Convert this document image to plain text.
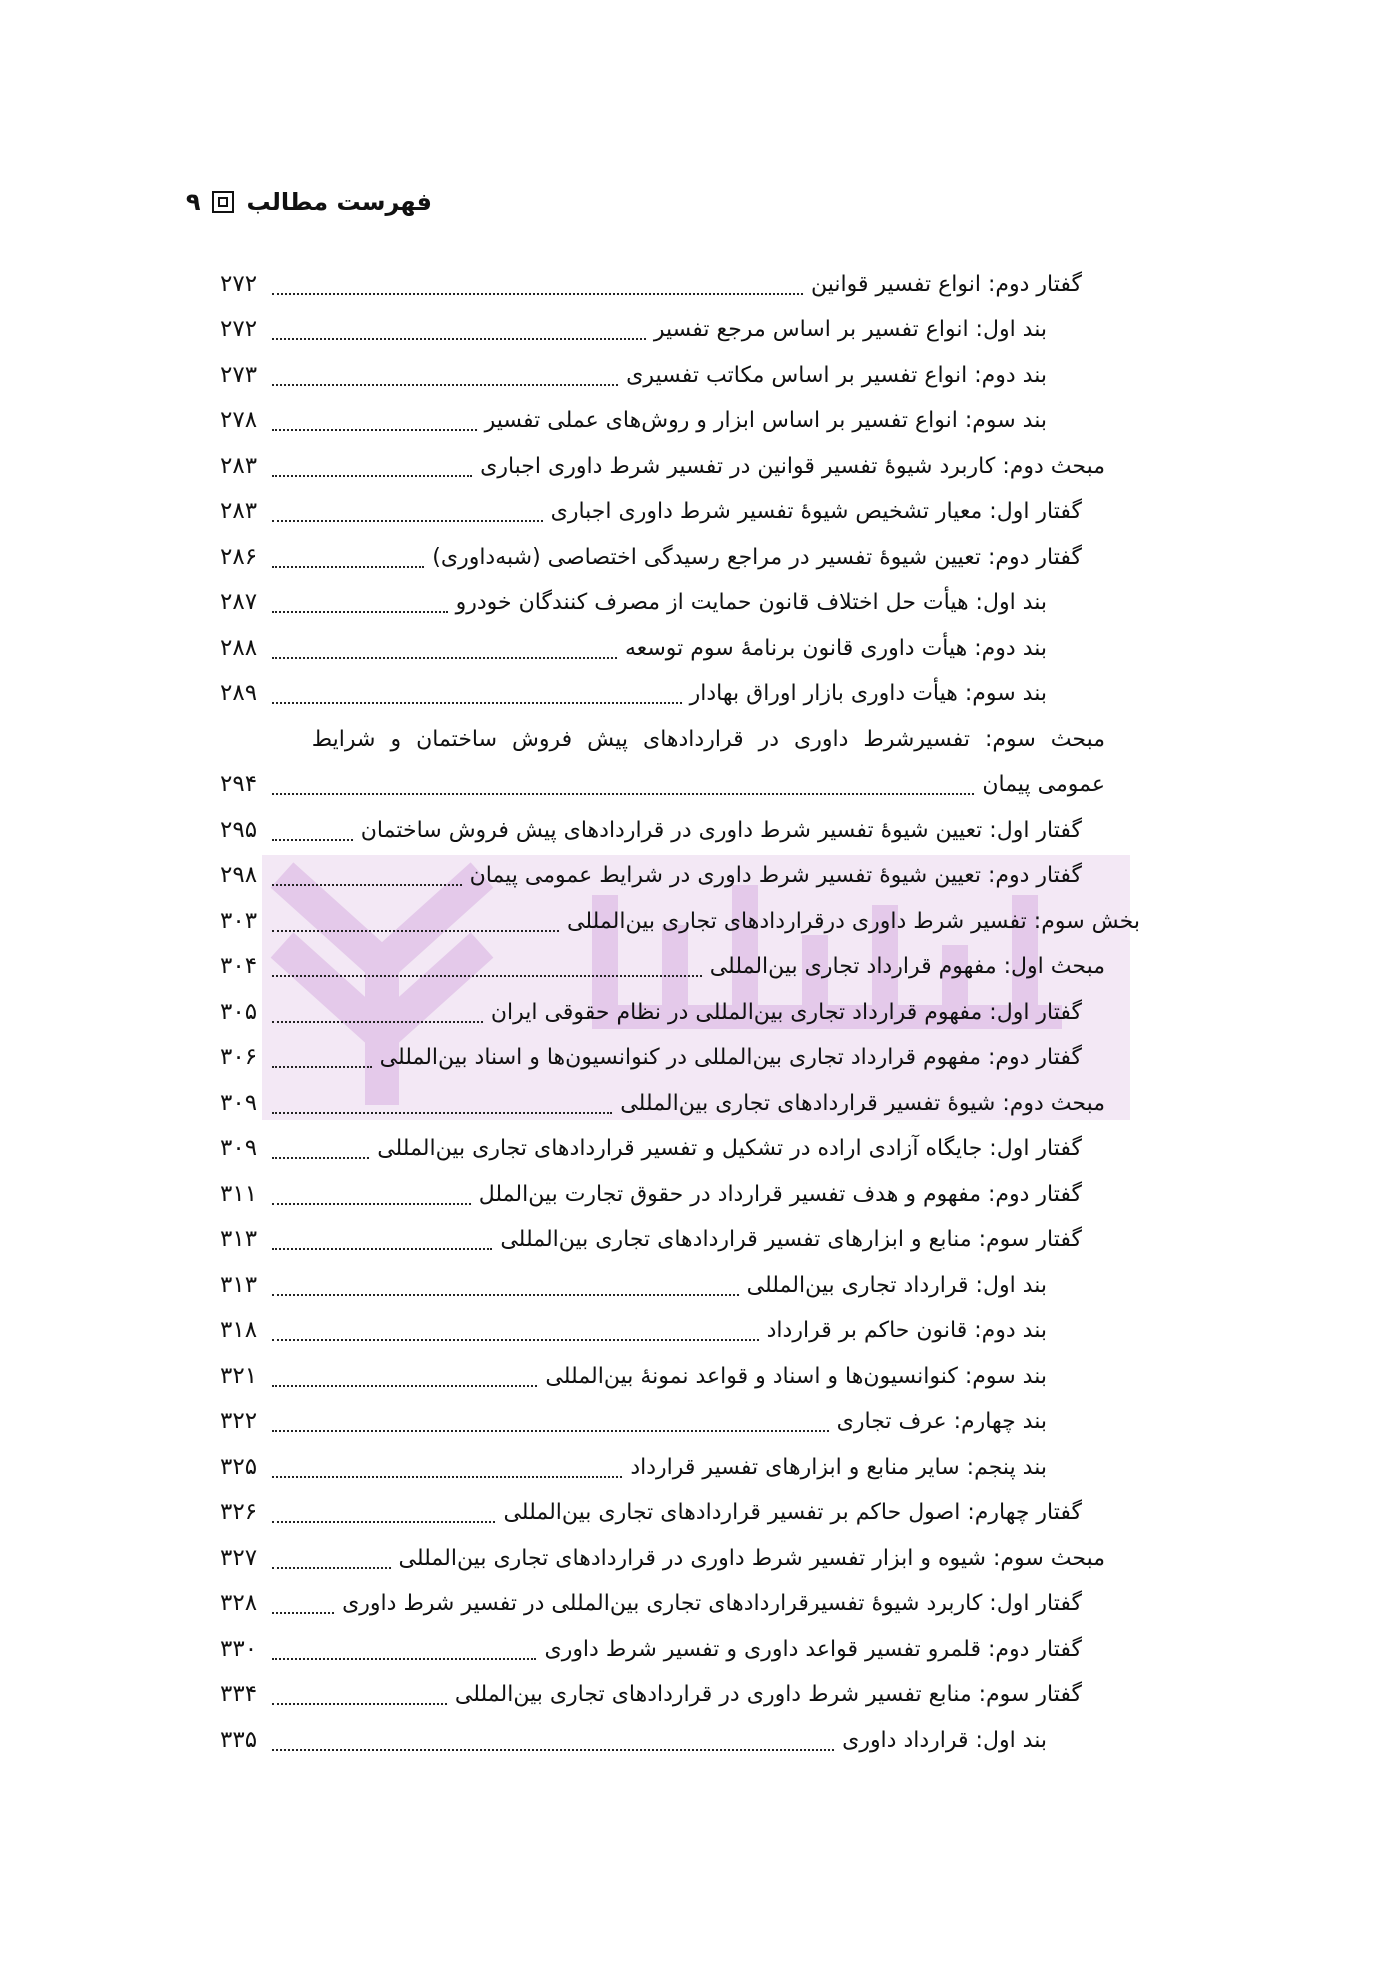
فهرست مطالب
۹
گفتار دوم: انواع تفسیر قوانین
۲۷۲
بند اول: انواع تفسیر بر اساس مرجع تفسیر
۲۷۲
بند دوم: انواع تفسیر بر اساس مکاتب تفسیری
۲۷۳
بند سوم: انواع تفسیر بر اساس ابزار و روش‌های عملی تفسیر
۲۷۸
مبحث دوم: کاربرد شیوهٔ تفسیر قوانین در تفسیر شرط داوری اجباری
۲۸۳
گفتار اول: معیار تشخیص شیوهٔ تفسیر شرط داوری اجباری
۲۸۳
گفتار دوم: تعیین شیوهٔ تفسیر در مراجع رسیدگی اختصاصی (شبه‌داوری)
۲۸۶
بند اول: هیأت حل اختلاف قانون حمایت از مصرف کنندگان خودرو
۲۸۷
بند دوم: هیأت داوری قانون برنامهٔ سوم توسعه
۲۸۸
بند سوم: هیأت داوری بازار اوراق بهادار
۲۸۹
مبحث سوم: تفسیرشرط داوری در قراردادهای پیش فروش ساختمان و شرایط
عمومی پیمان
۲۹۴
گفتار اول: تعیین شیوهٔ تفسیر شرط داوری در قراردادهای پیش فروش ساختمان
۲۹۵
گفتار دوم: تعیین شیوهٔ تفسیر شرط داوری در شرایط عمومی پیمان
۲۹۸
بخش سوم: تفسیر شرط داوری درقراردادهای تجاری بین‌المللی
۳۰۳
مبحث اول: مفهوم قرارداد تجاری بین‌المللی
۳۰۴
گفتار اول: مفهوم قرارداد تجاری بین‌المللی در نظام حقوقی ایران
۳۰۵
گفتار دوم: مفهوم قرارداد تجاری بین‌المللی در کنوانسیون‌ها و اسناد بین‌المللی
۳۰۶
مبحث دوم: شیوهٔ تفسیر قراردادهای تجاری بین‌المللی
۳۰۹
گفتار اول: جایگاه آزادی اراده در تشکیل و تفسیر قراردادهای تجاری بین‌المللی
۳۰۹
گفتار دوم: مفهوم و هدف تفسیر قرارداد در حقوق تجارت بین‌الملل
۳۱۱
گفتار سوم: منابع و ابزارهای تفسیر قراردادهای تجاری بین‌المللی
۳۱۳
بند اول: قرارداد تجاری بین‌المللی
۳۱۳
بند دوم: قانون حاکم بر قرارداد
۳۱۸
بند سوم: کنوانسیون‌ها و اسناد و قواعد نمونهٔ بین‌المللی
۳۲۱
بند چهارم: عرف تجاری
۳۲۲
بند پنجم: سایر منابع و ابزارهای تفسیر قرارداد
۳۲۵
گفتار چهارم: اصول حاکم بر تفسیر قراردادهای تجاری بین‌المللی
۳۲۶
مبحث سوم: شیوه و ابزار تفسیر شرط داوری در قراردادهای تجاری بین‌المللی
۳۲۷
گفتار اول: کاربرد شیوهٔ تفسیرقراردادهای تجاری بین‌المللی در تفسیر شرط داوری
۳۲۸
گفتار دوم: قلمرو تفسیر قواعد داوری و تفسیر شرط داوری
۳۳۰
گفتار سوم: منابع تفسیر شرط داوری در قراردادهای تجاری بین‌المللی
۳۳۴
بند اول: قرارداد داوری
۳۳۵
